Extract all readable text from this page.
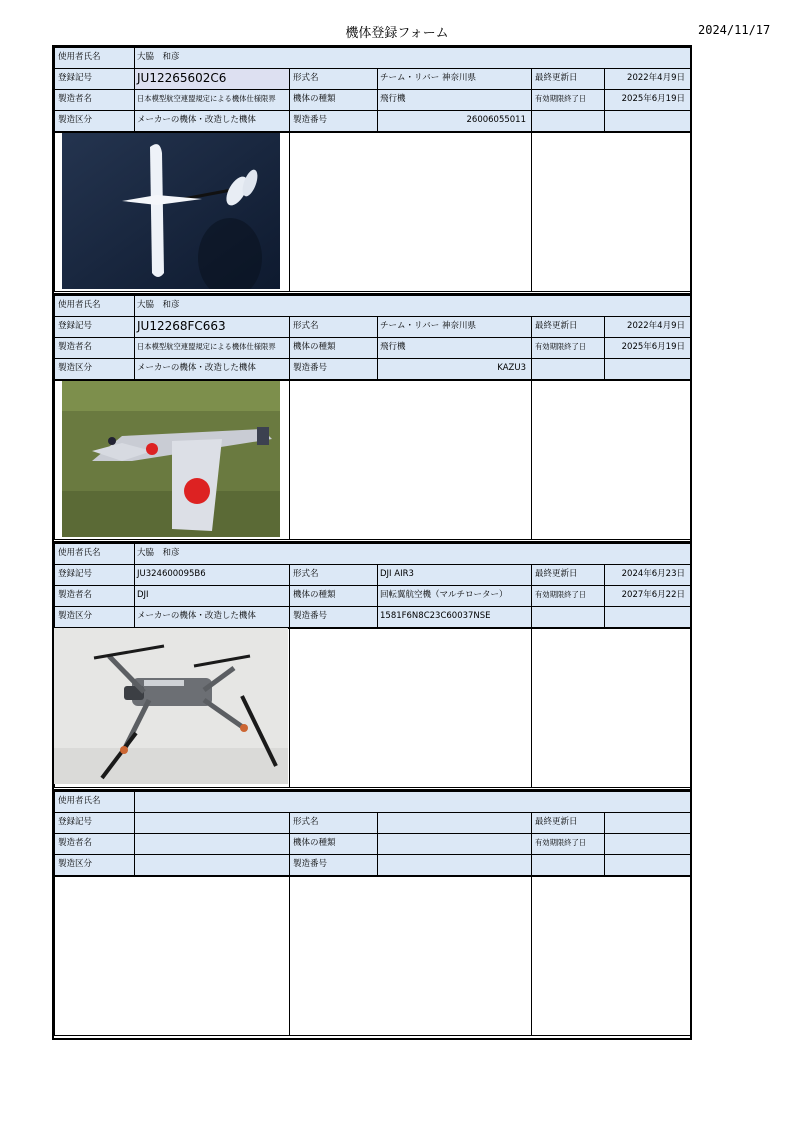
機体登録フォーム	2024/11/17
使用者氏名	大脇　和彦
登録記号	JU12265602C6	形式名	チーム・リバー 神奈川県	最終更新日	2022年4月9日
製造者名	日本模型航空連盟規定による機体仕様限界	機体の種類	飛行機	有効期限終了日	2025年6月19日
製造区分	メーカーの機体・改造した機体	製造番号	26006055011
使用者氏名	大脇　和彦
登録記号	JU12268FC663	形式名	チーム・リバー 神奈川県	最終更新日	2022年4月9日
製造者名	日本模型航空連盟規定による機体仕様限界	機体の種類	飛行機	有効期限終了日	2025年6月19日
製造区分	メーカーの機体・改造した機体	製造番号	KAZU3
使用者氏名	大脇　和彦
登録記号	JU324600095B6	形式名	DJI AIR3	最終更新日	2024年6月23日
製造者名	DJI	機体の種類	回転翼航空機（マルチローター）	有効期限終了日	2027年6月22日
製造区分	メーカーの機体・改造した機体	製造番号	1581F6N8C23C60037NSE
使用者氏名
登録記号	形式名	最終更新日
製造者名	機体の種類	有効期限終了日
製造区分	製造番号
